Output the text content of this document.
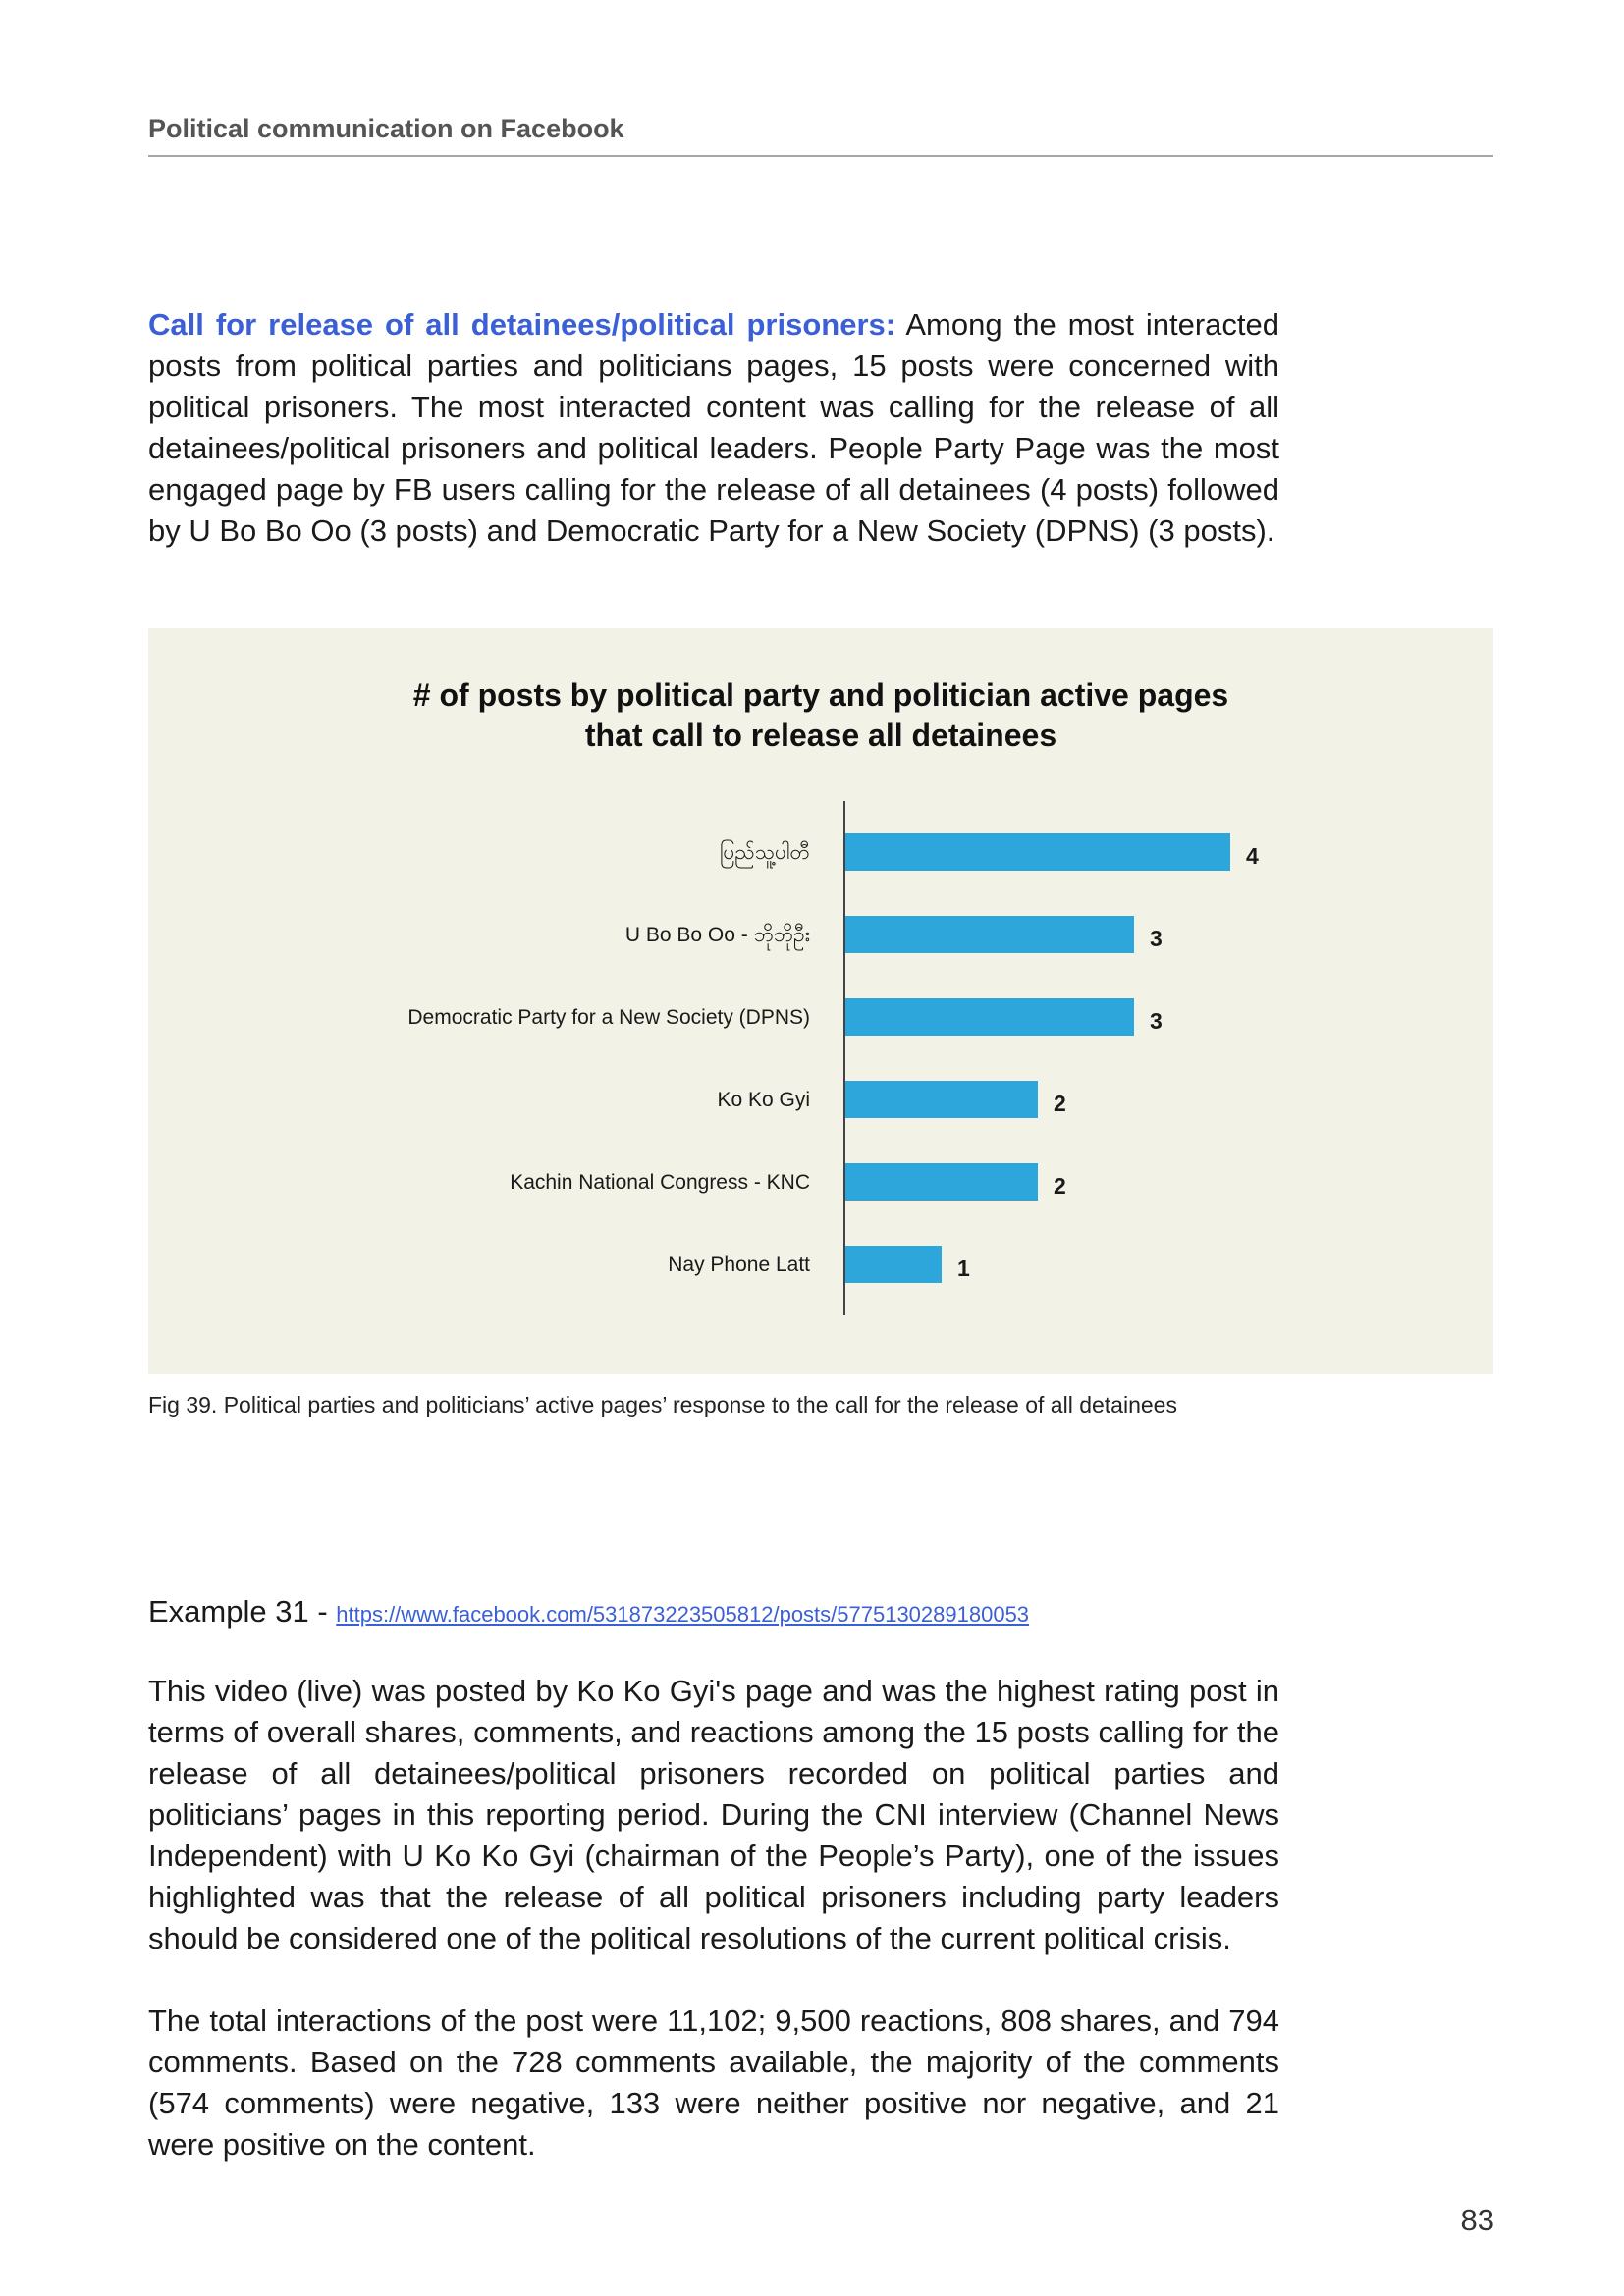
Political communication on Facebook
Call for release of all detainees/political prisoners: Among the most interacted posts from political parties and politicians pages, 15 posts were concerned with political prisoners. The most interacted content was calling for the release of all detainees/political prisoners and political leaders. People Party Page was the most engaged page by FB users calling for the release of all detainees (4 posts) followed by U Bo Bo Oo (3 posts) and Democratic Party for a New Society (DPNS) (3 posts).
# of posts by political party and politician active pages
that call to release all detainees
ပြည်သူ့ပါတီ	4
U Bo Bo Oo - ဘိုဘိုဦး	3
Democratic Party for a New Society (DPNS)	3
Ko Ko Gyi	2
Kachin National Congress - KNC	2
Nay Phone Latt	1
Fig 39. Political parties and politicians’ active pages’ response to the call for the release of all detainees
Example 31 - https://www.facebook.com/531873223505812/posts/5775130289180053
This video (live) was posted by Ko Ko Gyi's page and was the highest rating post in terms of overall shares, comments, and reactions among the 15 posts calling for the release of all detainees/political prisoners recorded on political parties and politicians’ pages in this reporting period. During the CNI interview (Channel News Independent) with U Ko Ko Gyi (chairman of the People’s Party), one of the issues highlighted was that the release of all political prisoners including party leaders should be considered one of the political resolutions of the current political crisis.
The total interactions of the post were 11,102; 9,500 reactions, 808 shares, and 794 comments. Based on the 728 comments available, the majority of the comments (574 comments) were negative, 133 were neither positive nor negative, and 21 were positive on the content.
83
